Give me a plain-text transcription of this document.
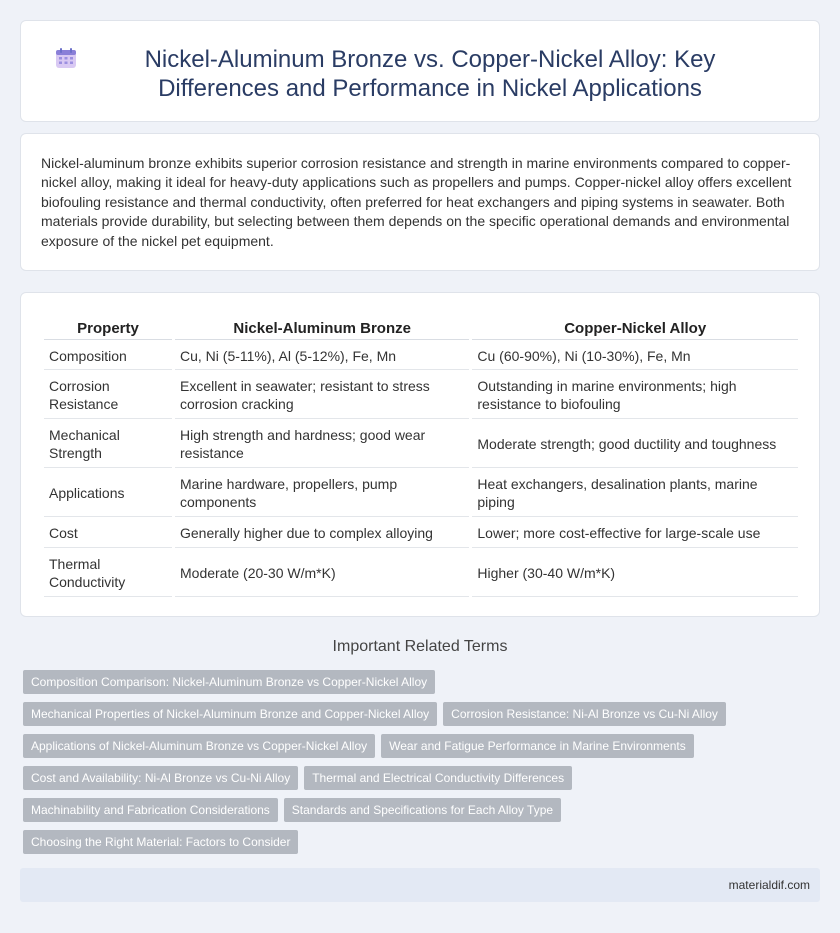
Nickel-Aluminum Bronze vs. Copper-Nickel Alloy: Key Differences and Performance in Nickel Applications

Nickel-aluminum bronze exhibits superior corrosion resistance and strength in marine environments compared to copper-nickel alloy, making it ideal for heavy-duty applications such as propellers and pumps. Copper-nickel alloy offers excellent biofouling resistance and thermal conductivity, often preferred for heat exchangers and piping systems in seawater. Both materials provide durability, but selecting between them depends on the specific operational demands and environmental exposure of the nickel pet equipment.

Property	Nickel-Aluminum Bronze	Copper-Nickel Alloy
Composition	Cu, Ni (5-11%), Al (5-12%), Fe, Mn	Cu (60-90%), Ni (10-30%), Fe, Mn
Corrosion Resistance	Excellent in seawater; resistant to stress corrosion cracking	Outstanding in marine environments; high resistance to biofouling
Mechanical Strength	High strength and hardness; good wear resistance	Moderate strength; good ductility and toughness
Applications	Marine hardware, propellers, pump components	Heat exchangers, desalination plants, marine piping
Cost	Generally higher due to complex alloying	Lower; more cost-effective for large-scale use
Thermal Conductivity	Moderate (20-30 W/m*K)	Higher (30-40 W/m*K)
Important Related Terms
Composition Comparison: Nickel-Aluminum Bronze vs Copper-Nickel Alloy
Mechanical Properties of Nickel-Aluminum Bronze and Copper-Nickel Alloy	Corrosion Resistance: Ni-Al Bronze vs Cu-Ni Alloy
Applications of Nickel-Aluminum Bronze vs Copper-Nickel Alloy	Wear and Fatigue Performance in Marine Environments
Cost and Availability: Ni-Al Bronze vs Cu-Ni Alloy	Thermal and Electrical Conductivity Differences
Machinability and Fabrication Considerations	Standards and Specifications for Each Alloy Type
Choosing the Right Material: Factors to Consider
materialdif.com
